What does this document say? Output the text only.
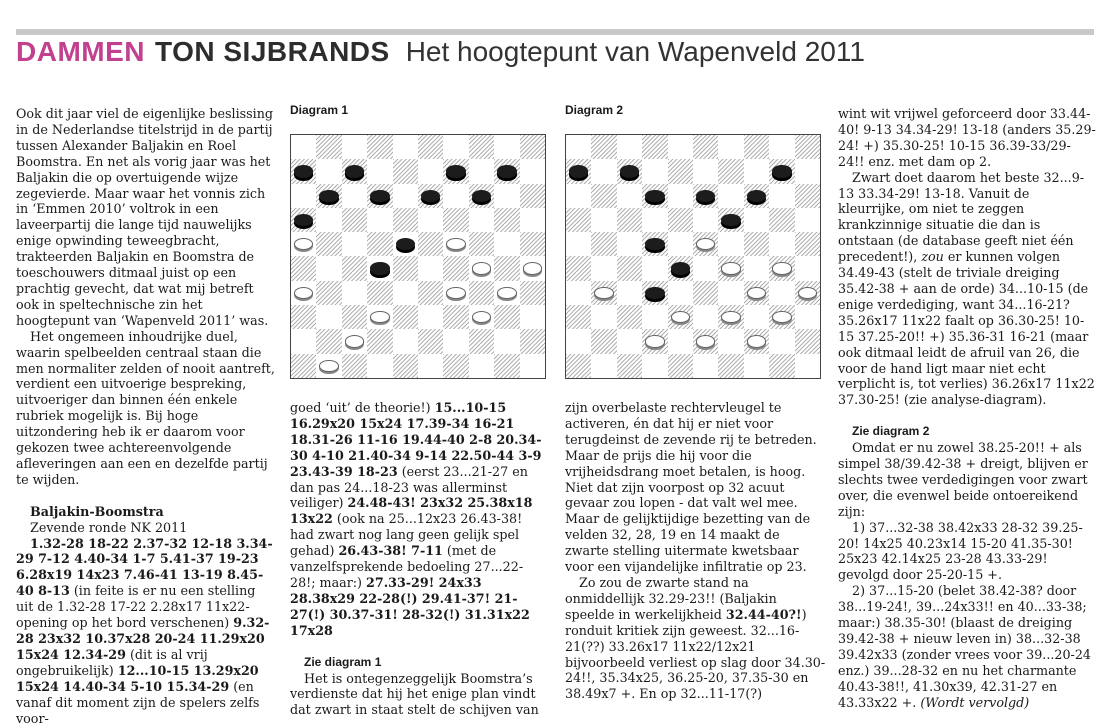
DAMMEN TON SIJBRANDS Het hoogtepunt van Wapenveld 2011

Ook dit jaar viel de eigenlijke beslissing in de Nederlandse titelstrijd in de partij tussen Alexander Baljakin en Roel Boomstra. En net als vorig jaar was het Baljakin die op overtuigende wijze zegevierde. Maar waar het vonnis zich in ‘Emmen 2010’ voltrok in een laveerpartij die lange tijd nauwelijks enige opwinding teweegbracht, trakteerden Baljakin en Boomstra de toeschouwers ditmaal juist op een prachtig gevecht, dat wat mij betreft ook in speltechnische zin het hoogtepunt van ‘Wapenveld 2011’ was.

Het ongemeen inhoudrijke duel, waarin spelbeelden centraal staan die men normaliter zelden of nooit aantreft, verdient een uitvoerige bespreking, uitvoeriger dan binnen één enkele rubriek mogelijk is. Bij hoge uitzondering heb ik er daarom voor gekozen twee achtereenvolgende afleveringen aan een en dezelfde partij te wijden.

Baljakin-Boomstra

Zevende ronde NK 2011

1.32-28 18-22 2.37-32 12-18 3.34-29 7-12 4.40-34 1-7 5.41-37 19-23 6.28x19 14x23 7.46-41 13-19 8.45-40 8-13 (in feite is er nu een stelling uit de 1.32-28 17-22 2.28x17 11x22-opening op het bord verschenen) 9.32-28 23x32 10.37x28 20-24 11.29x20 15x24 12.34-29 (dit is al vrij ongebruikelijk) 12...10-15 13.29x20 15x24 14.40-34 5-10 15.34-29 (en vanaf dit moment zijn de spelers zelfs voor-

Diagram 1

goed ‘uit’ de theorie!) 15...10-15 16.29x20 15x24 17.39-34 16-21 18.31-26 11-16 19.44-40 2-8 20.34-30 4-10 21.40-34 9-14 22.50-44 3-9 23.43-39 18-23 (eerst 23...21-27 en dan pas 24...18-23 was allerminst veiliger) 24.48-43! 23x32 25.38x18 13x22 (ook na 25...12x23 26.43-38! had zwart nog lang geen gelijk spel gehad) 26.43-38! 7-11 (met de vanzelfsprekende bedoeling 27...22-28!; maar:) 27.33-29! 24x33 28.38x29 22-28(!) 29.41-37! 21-27(!) 30.37-31! 28-32(!) 31.31x22 17x28

Zie diagram 1

Het is ontegenzeggelijk Boomstra’s verdienste dat hij het enige plan vindt dat zwart in staat stelt de schijven van

Diagram 2

zijn overbelaste rechtervleugel te activeren, én dat hij er niet voor terugdeinst de zevende rij te betreden. Maar de prijs die hij voor die vrijheidsdrang moet betalen, is hoog. Niet dat zijn voorpost op 32 acuut gevaar zou lopen - dat valt wel mee. Maar de gelijktijdige bezetting van de velden 32, 28, 19 en 14 maakt de zwarte stelling uitermate kwetsbaar voor een vijandelijke infiltratie op 23.

Zo zou de zwarte stand na onmiddellijk 32.29-23!! (Baljakin speelde in werkelijkheid 32.44-40?!) ronduit kritiek zijn geweest. 32...16-21(??) 33.26x17 11x22/12x21 bijvoorbeeld verliest op slag door 34.30-24!!, 35.34x25, 36.25-20, 37.35-30 en 38.49x7 +. En op 32...11-17(?)

wint wit vrijwel geforceerd door 33.44-40! 9-13 34.34-29! 13-18 (anders 35.29-24! +) 35.30-25! 10-15 36.39-33/29-24!! enz. met dam op 2.

Zwart doet daarom het beste 32...9-13 33.34-29! 13-18. Vanuit de kleurrijke, om niet te zeggen krankzinnige situatie die dan is ontstaan (de database geeft niet één precedent!), zou er kunnen volgen 34.49-43 (stelt de triviale dreiging 35.42-38 + aan de orde) 34...10-15 (de enige verdediging, want 34...16-21? 35.26x17 11x22 faalt op 36.30-25! 10-15 37.25-20!! +) 35.36-31 16-21 (maar ook ditmaal leidt de afruil van 26, die voor de hand ligt maar niet echt verplicht is, tot verlies) 36.26x17 11x22 37.30-25! (zie analyse-diagram).

Zie diagram 2

Omdat er nu zowel 38.25-20!! + als simpel 38/39.42-38 + dreigt, blijven er slechts twee verdedigingen voor zwart over, die evenwel beide ontoereikend zijn:

1) 37...32-38 38.42x33 28-32 39.25-20! 14x25 40.23x14 15-20 41.35-30! 25x23 42.14x25 23-28 43.33-29! gevolgd door 25-20-15 +.

2) 37...15-20 (belet 38.42-38? door 38...19-24!, 39...24x33!! en 40...33-38; maar:) 38.35-30! (blaast de dreiging 39.42-38 + nieuw leven in) 38...32-38 39.42x33 (zonder vrees voor 39...20-24 enz.) 39...28-32 en nu het charmante 40.43-38!!, 41.30x39, 42.31-27 en 43.33x22 +. (Wordt vervolgd)
